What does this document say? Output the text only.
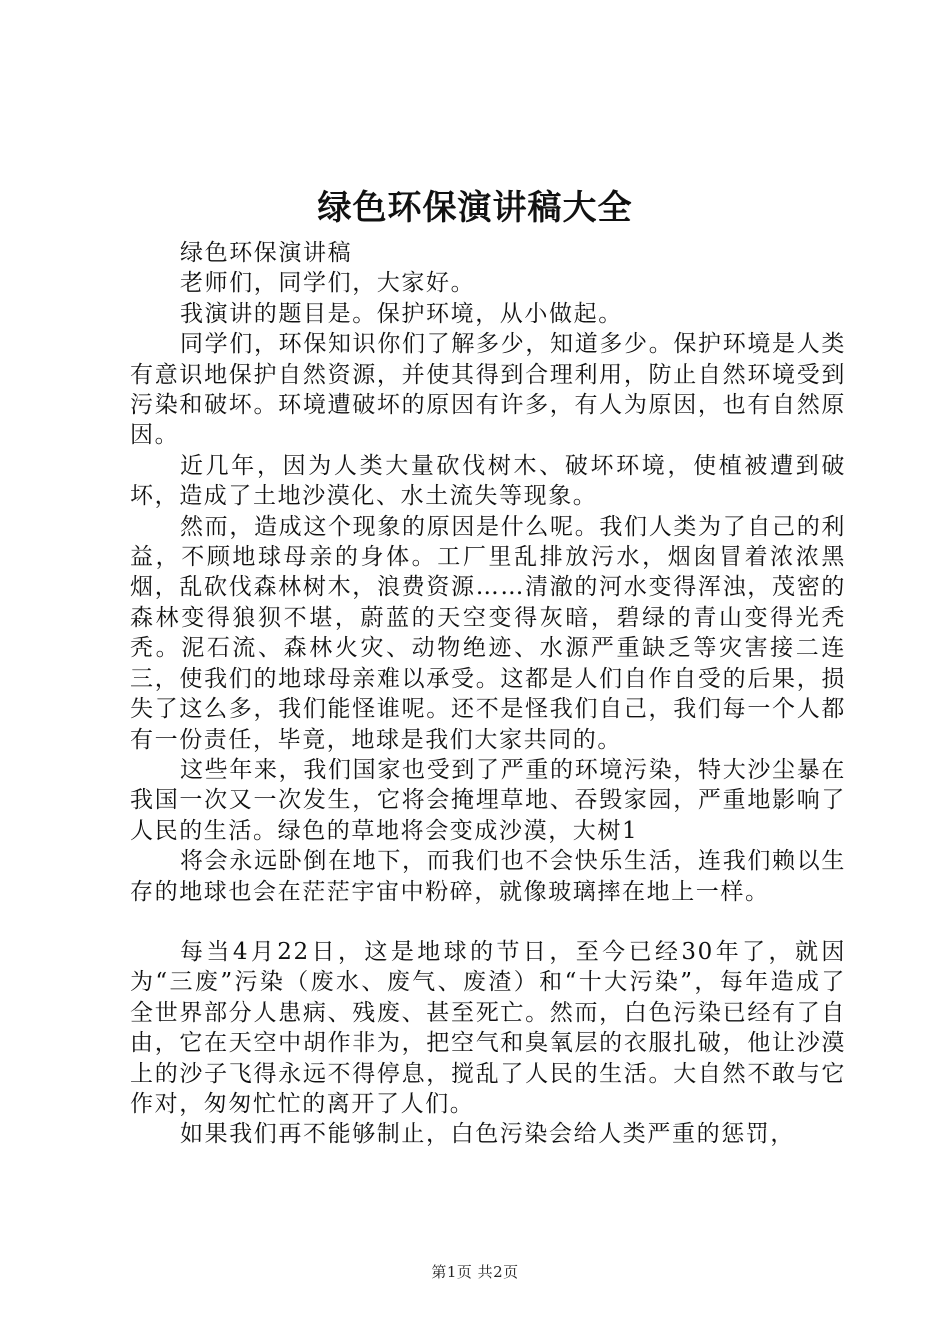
绿色环保演讲稿大全

绿色环保演讲稿

老师们，同学们，大家好。

我演讲的题目是。保护环境，从小做起。

同学们，环保知识你们了解多少，知道多少。保护环境是人类有意识地保护自然资源，并使其得到合理利用，防止自然环境受到污染和破坏。环境遭破坏的原因有许多，有人为原因，也有自然原因。

近几年，因为人类大量砍伐树木、破坏环境，使植被遭到破坏，造成了土地沙漠化、水土流失等现象。

然而，造成这个现象的原因是什么呢。我们人类为了自己的利益，不顾地球母亲的身体。工厂里乱排放污水，烟囱冒着浓浓黑烟，乱砍伐森林树木，浪费资源……清澈的河水变得浑浊，茂密的森林变得狼狈不堪，蔚蓝的天空变得灰暗，碧绿的青山变得光秃秃。泥石流、森林火灾、动物绝迹、水源严重缺乏等灾害接二连三，使我们的地球母亲难以承受。这都是人们自作自受的后果，损失了这么多，我们能怪谁呢。还不是怪我们自己，我们每一个人都有一份责任，毕竟，地球是我们大家共同的。

这些年来，我们国家也受到了严重的环境污染，特大沙尘暴在我国一次又一次发生，它将会掩埋草地、吞毁家园，严重地影响了人民的生活。绿色的草地将会变成沙漠，大树1

将会永远卧倒在地下，而我们也不会快乐生活，连我们赖以生存的地球也会在茫茫宇宙中粉碎，就像玻璃摔在地上一样。

每当4月22日，这是地球的节日，至今已经30年了，就因为“三废”污染（废水、废气、废渣）和“十大污染”，每年造成了全世界部分人患病、残废、甚至死亡。然而，白色污染已经有了自由，它在天空中胡作非为，把空气和臭氧层的衣服扎破，他让沙漠上的沙子飞得永远不得停息，搅乱了人民的生活。大自然不敢与它作对，匆匆忙忙的离开了人们。

如果我们再不能够制止，白色污染会给人类严重的惩罚，

第1页 共2页
